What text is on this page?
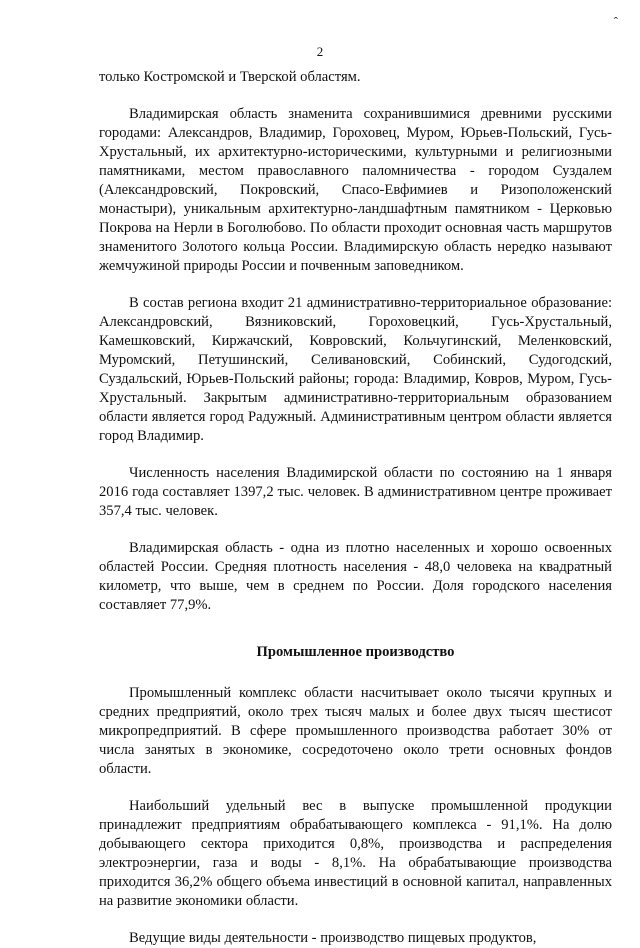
ˆ
2

только Костромской и Тверской областям.

Владимирская область знаменита сохранившимися древними русскими городами: Александров, Владимир, Гороховец, Муром, Юрьев-Польский, Гусь-Хрустальный, их архитектурно-историческими, культурными и религиозными памятниками, местом православного паломничества - городом Суздалем (Александровский, Покровский, Спасо-Евфимиев и Ризоположенский монастыри), уникальным архитектурно-ландшафтным памятником - Церковью Покрова на Нерли в Боголюбово. По области проходит основная часть маршрутов знаменитого Золотого кольца России. Владимирскую область нередко называют жемчужиной природы России и почвенным заповедником.

В состав региона входит 21 административно-территориальное образование: Александровский, Вязниковский, Гороховецкий, Гусь-Хрустальный, Камешковский, Киржачский, Ковровский, Кольчугинский, Меленковский, Муромский, Петушинский, Селивановский, Собинский, Судогодский, Суздальский, Юрьев-Польский районы; города: Владимир, Ковров, Муром, Гусь-Хрустальный. Закрытым административно-территориальным образованием области является город Радужный. Административным центром области является город Владимир.

Численность населения Владимирской области по состоянию на 1 января 2016 года составляет 1397,2 тыс. человек. В административном центре проживает 357,4 тыс. человек.

Владимирская область - одна из плотно населенных и хорошо освоенных областей России. Средняя плотность населения - 48,0 человека на квадратный километр, что выше, чем в среднем по России. Доля городского населения составляет 77,9%.

Промышленное производство

Промышленный комплекс области насчитывает около тысячи крупных и средних предприятий, около трех тысяч малых и более двух тысяч шестисот микропредприятий. В сфере промышленного производства работает 30% от числа занятых в экономике, сосредоточено около трети основных фондов области.

Наибольший удельный вес в выпуске промышленной продукции принадлежит предприятиям обрабатывающего комплекса - 91,1%. На долю добывающего сектора приходится 0,8%, производства и распределения электроэнергии, газа и воды - 8,1%. На обрабатывающие производства приходится 36,2% общего объема инвестиций в основной капитал, направленных на развитие экономики области.

Ведущие виды деятельности - производство пищевых продуктов,
